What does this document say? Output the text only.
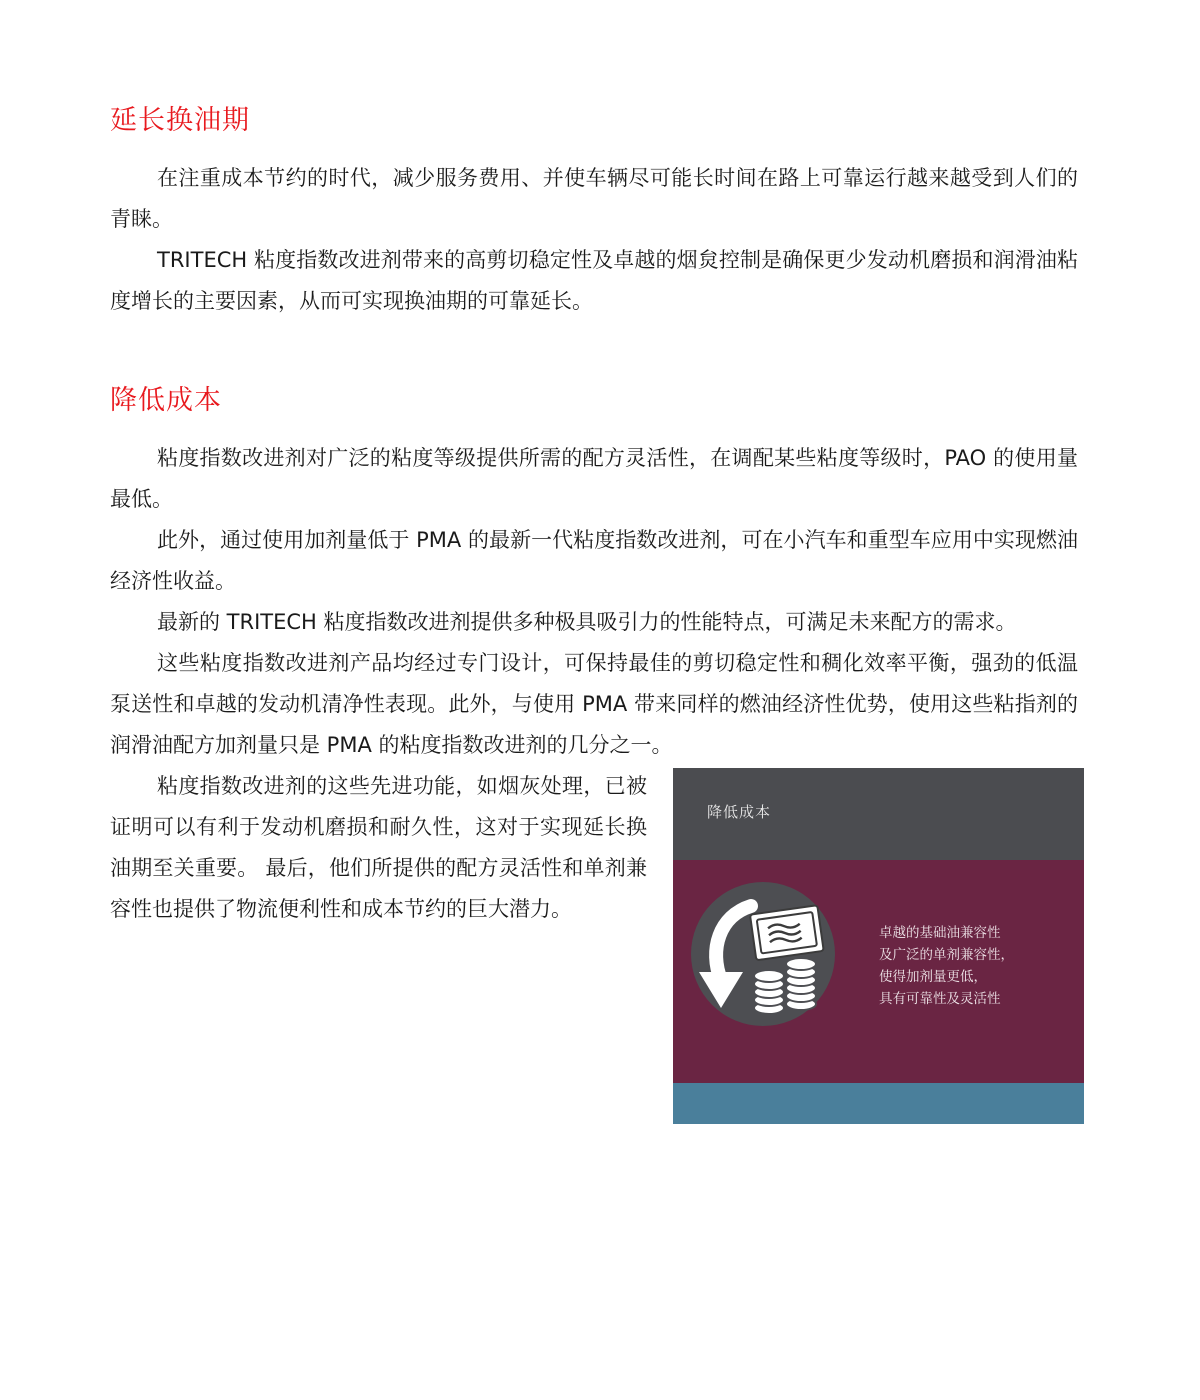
延长换油期

在注重成本节约的时代，减少服务费用、并使车辆尽可能长时间在路上可靠运行越来越受到人们的青睐。

TRITECH 粘度指数改进剂带来的高剪切稳定性及卓越的烟炱控制是确保更少发动机磨损和润滑油粘度增长的主要因素，从而可实现换油期的可靠延长。

降低成本
降低成本
卓越的基础油兼容性
及广泛的单剂兼容性，
使得加剂量更低，
具有可靠性及灵活性

粘度指数改进剂对广泛的粘度等级提供所需的配方灵活性，在调配某些粘度等级时，PAO 的使用量最低。

此外，通过使用加剂量低于 PMA 的最新一代粘度指数改进剂，可在小汽车和重型车应用中实现燃油经济性收益。

最新的 TRITECH 粘度指数改进剂提供多种极具吸引力的性能特点，可满足未来配方的需求。

这些粘度指数改进剂产品均经过专门设计，可保持最佳的剪切稳定性和稠化效率平衡，强劲的低温泵送性和卓越的发动机清净性表现。此外，与使用 PMA 带来同样的燃油经济性优势，使用这些粘指剂的润滑油配方加剂量只是 PMA 的粘度指数改进剂的几分之一。

粘度指数改进剂的这些先进功能，如烟灰处理，已被证明可以有利于发动机磨损和耐久性，这对于实现延长换油期至关重要。 最后，他们所提供的配方灵活性和单剂兼容性也提供了物流便利性和成本节约的巨大潜力。
